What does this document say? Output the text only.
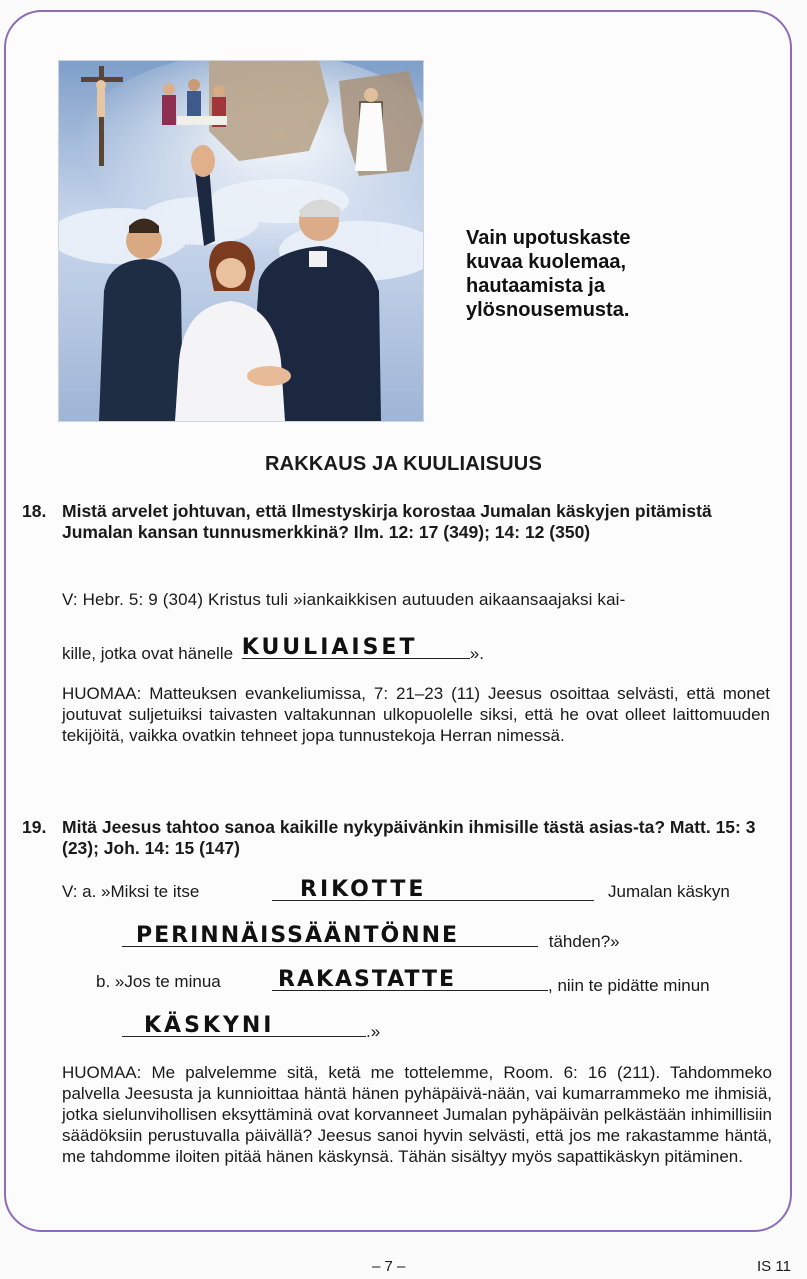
Vain upotuskaste
kuvaa kuolemaa,
hautaamista ja
ylösnousemusta.
RAKKAUS JA KUULIAISUUS
18. Mistä arvelet johtuvan, että Ilmestyskirja korostaa Jumalan käskyjen pitämistä Jumalan kansan tunnusmerkkinä? Ilm. 12: 17 (349); 14: 12 (350)
V: Hebr. 5: 9 (304) Kristus tuli »iankaikkisen autuuden aikaansaajaksi kai-
kille, jotka ovat hänelle KUULIAISET	».
HUOMAA: Matteuksen evankeliumissa, 7: 21–23 (11) Jeesus osoittaa selvästi, että monet joutuvat suljetuiksi taivasten valtakunnan ulkopuolelle siksi, että he ovat olleet laittomuuden tekijöitä, vaikka ovatkin tehneet jopa tunnustekoja Herran nimessä.
19. Mitä Jeesus tahtoo sanoa kaikille nykypäivänkin ihmisille tästä asias-ta? Matt. 15: 3 (23); Joh. 14: 15 (147)
V: a. »Miksi te itse	RIKOTTE	Jumalan käskyn
PERINNÄISSÄÄNTÖNNE	tähden?»
b. »Jos te minua	RAKASTATTE	, niin te pidätte minun
KÄSKYNI	.»
HUOMAA: Me palvelemme sitä, ketä me tottelemme, Room. 6: 16 (211). Tahdommeko palvella Jeesusta ja kunnioittaa häntä hänen pyhäpäivä-nään, vai kumarrammeko me ihmisiä, jotka sielunvihollisen eksyttäminä ovat korvanneet Jumalan pyhäpäivän pelkästään inhimillisiin säädöksiin perustuvalla päivällä? Jeesus sanoi hyvin selvästi, että jos me rakastamme häntä, me tahdomme iloiten pitää hänen käskynsä. Tähän sisältyy myös sapattikäskyn pitäminen.
– 7 –	IS 11
